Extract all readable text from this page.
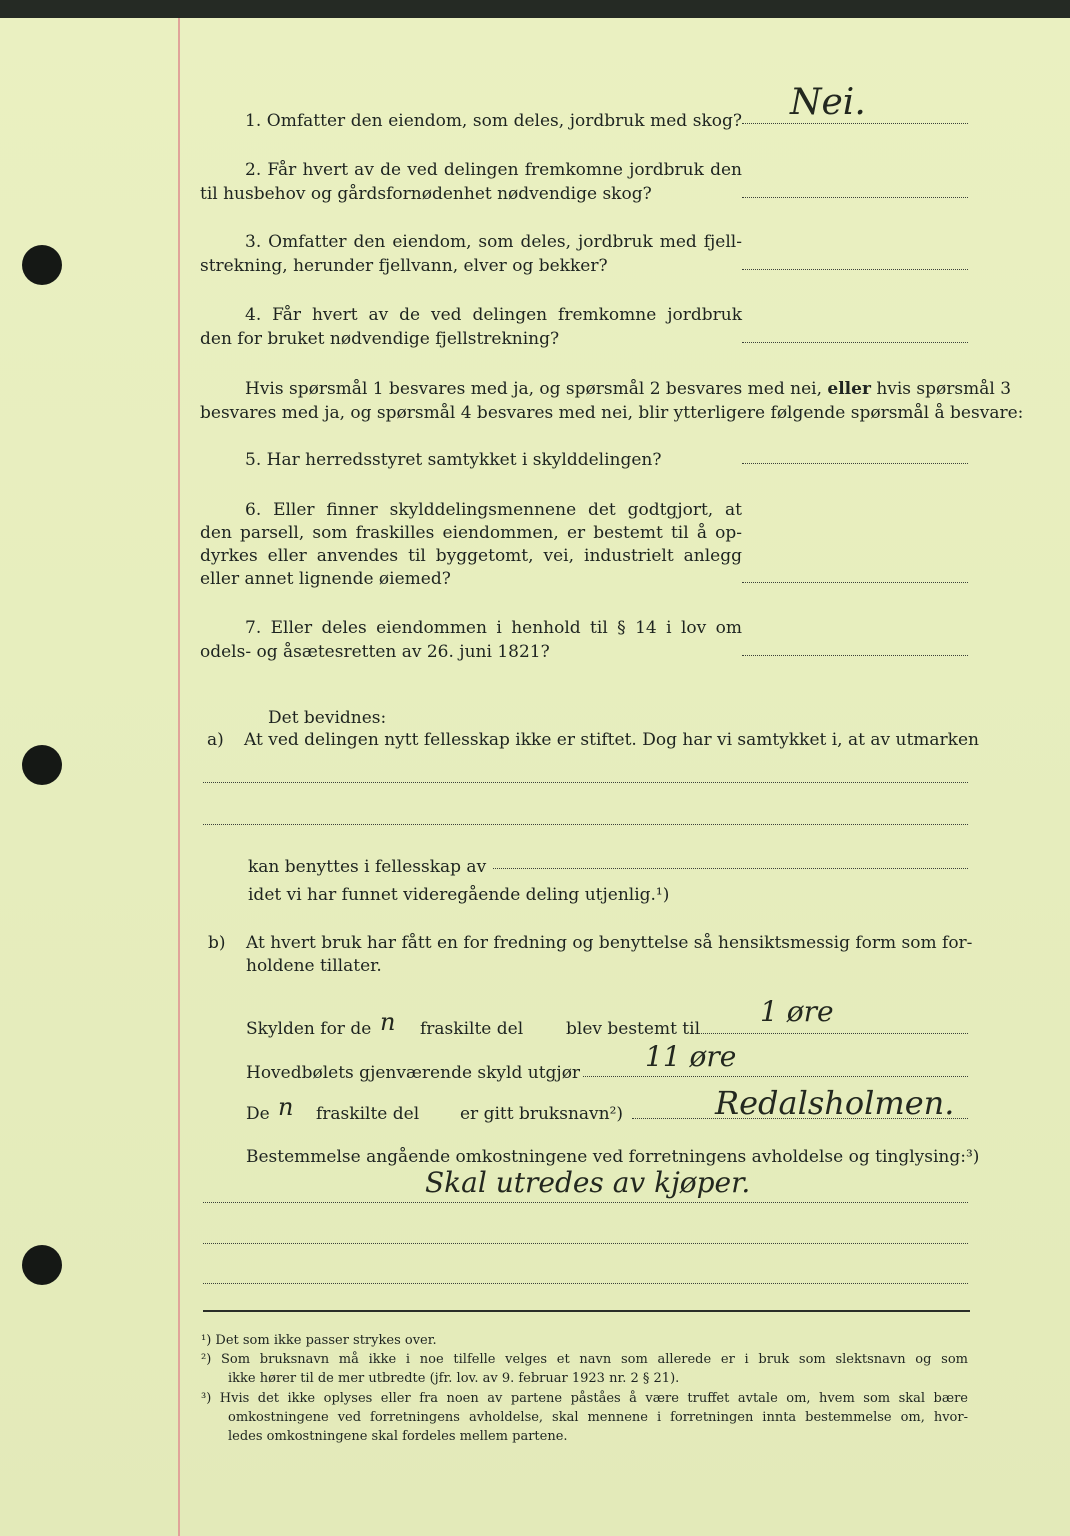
1. Omfatter den eiendom, som deles, jordbruk med skog? Nei.
2. Får hvert av de ved delingen fremkomne jordbruk den
til husbehov og gårdsfornødenhet nødvendige skog?
3. Omfatter den eiendom, som deles, jordbruk med fjell-
strekning, herunder fjellvann, elver og bekker?
4. Får hvert av de ved delingen fremkomne jordbruk
den for bruket nødvendige fjellstrekning?
Hvis spørsmål 1 besvares med ja, og spørsmål 2 besvares med nei, eller hvis spørsmål 3
besvares med ja, og spørsmål 4 besvares med nei, blir ytterligere følgende spørsmål å besvare:
5. Har herredsstyret samtykket i skylddelingen?
6. Eller finner skylddelingsmennene det godtgjort, at
den parsell, som fraskilles eiendommen, er bestemt til å op-
dyrkes eller anvendes til byggetomt, vei, industrielt anlegg
eller annet lignende øiemed?
7. Eller deles eiendommen i henhold til § 14 i lov om
odels- og åsætesretten av 26. juni 1821?
Det bevidnes:
a) At ved delingen nytt fellesskap ikke er stiftet. Dog har vi samtykket i, at av utmarken
kan benyttes i fellesskap av
idet vi har funnet videregående deling utjenlig.¹)
b) At hvert bruk har fått en for fredning og benyttelse så hensiktsmessig form som for-
holdene tillater.
Skylden for de n fraskilte del	blev bestemt til
1 øre
Hovedbølets gjenværende skyld utgjør 11 øre
De n fraskilte del er gitt bruksnavn²)	Redalsholmen.
Bestemmelse angående omkostningene ved forretningens avholdelse og tinglysing:³)
Skal utredes av kjøper.
¹) Det som ikke passer strykes over.
²) Som bruksnavn må ikke i noe tilfelle velges et navn som allerede er i bruk som slektsnavn og som
ikke hører til de mer utbredte (jfr. lov. av 9. februar 1923 nr. 2 § 21).
³) Hvis det ikke oplyses eller fra noen av partene påståes å være truffet avtale om, hvem som skal bære
omkostningene ved forretningens avholdelse, skal mennene i forretningen innta bestemmelse om, hvor-
ledes omkostningene skal fordeles mellem partene.
